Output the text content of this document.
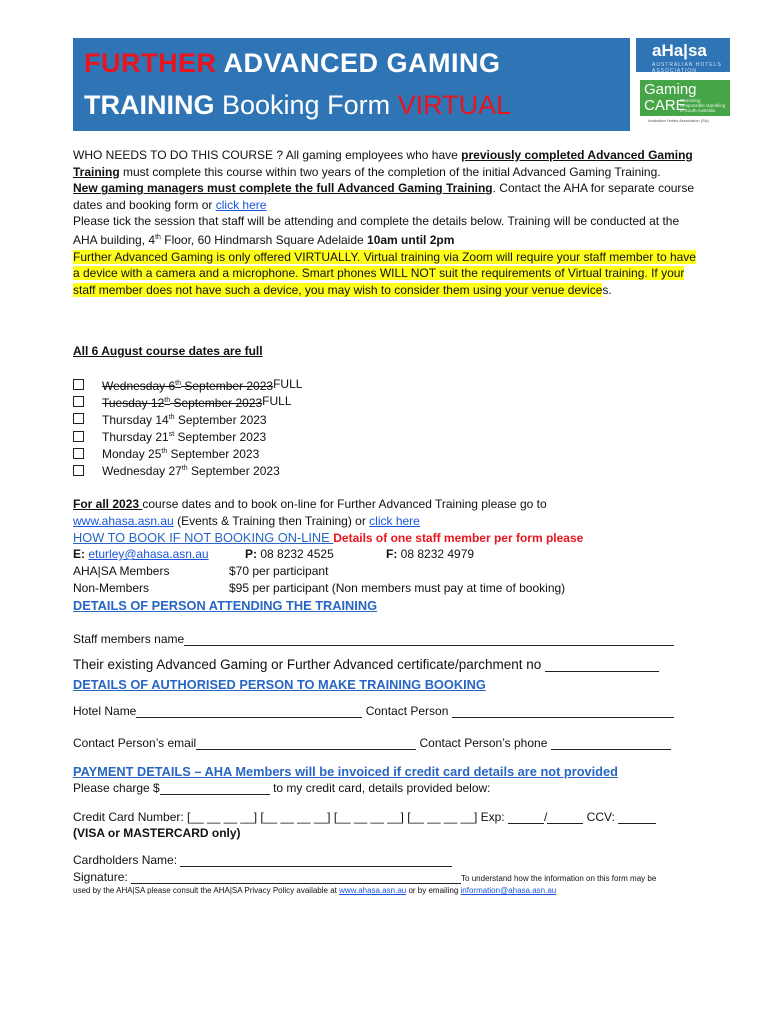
FURTHER ADVANCED GAMING
TRAINING Booking Form VIRTUAL
aHa|sa
AUSTRALIAN HOTELS ASSOCIATION
Gaming
CARE
Promoting Responsible Gambling in South Australia
Australian Hotels Association (SA)

WHO NEEDS TO DO THIS COURSE ? All gaming employees who have previously completed Advanced Gaming Training must complete this course within two years of the completion of the initial Advanced Gaming Training.

New gaming managers must complete the full Advanced Gaming Training. Contact the AHA for separate course dates and booking form or click here

Please tick the session that staff will be attending and complete the details below. Training will be conducted at the AHA building, 4th Floor, 60 Hindmarsh Square Adelaide 10am until 2pm

Further Advanced Gaming is only offered VIRTUALLY. Virtual training via Zoom will require your staff member to have a device with a camera and a microphone. Smart phones WILL NOT suit the requirements of Virtual training. If your staff member does not have such a device, you may wish to consider them using your venue devices.

All 6 August course dates are full
Wednesday 6th September 2023 FULL
Tuesday 12th September 2023 FULL
Thursday 14th September 2023
Thursday 21st September 2023
Monday 25th September 2023
Wednesday 27th September 2023
For all 2023 course dates and to book on-line for Further Advanced Training please go to
www.ahasa.asn.au (Events & Training then Training) or click here
HOW TO BOOK IF NOT BOOKING ON-LINE Details of one staff member per form please
E: eturley@ahasa.asn.au	P: 08 8232 4525	F: 08 8232 4979
AHA|SA Members	$70 per participant
Non-Members	$95 per participant (Non members must pay at time of booking)
DETAILS OF PERSON ATTENDING THE TRAINING
Staff members name
Their existing Advanced Gaming or Further Advanced certificate/parchment no
DETAILS OF AUTHORISED PERSON TO MAKE TRAINING BOOKING
Hotel Name	Contact Person
Contact Person’s email	Contact Person’s phone
PAYMENT DETAILS – AHA Members will be invoiced if credit card details are not provided
Please charge $	to my credit card, details provided below:
Credit Card Number: [__ __ __ __] [__ __ __ __] [__ __ __ __] [__ __ __ __] Exp:	/	CCV:
(VISA or MASTERCARD only)
Cardholders Name:
Signature:	To understand how the information on this form may be
used by the AHA|SA please consult the AHA|SA Privacy Policy available at www.ahasa.asn.au or by emailing information@ahasa.asn.au
